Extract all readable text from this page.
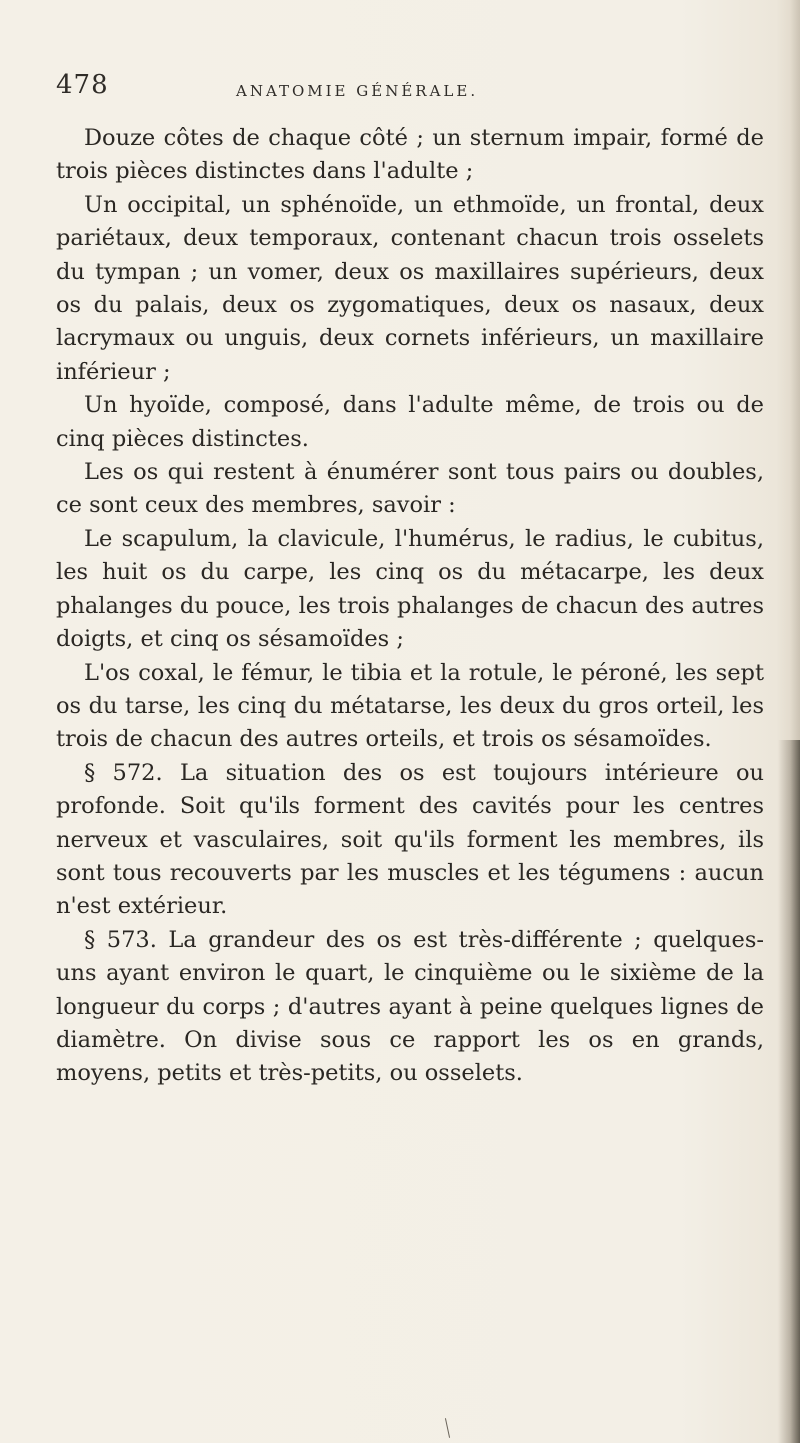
478	ANATOMIE GÉNÉRALE.

Douze côtes de chaque côté ; un sternum impair, formé de trois pièces distinctes dans l'adulte ;

Un occipital, un sphénoïde, un ethmoïde, un frontal, deux pariétaux, deux temporaux, contenant chacun trois osselets du tympan ; un vomer, deux os maxillaires supérieurs, deux os du palais, deux os zygomatiques, deux os nasaux, deux lacrymaux ou unguis, deux cornets inférieurs, un maxillaire inférieur ;

Un hyoïde, composé, dans l'adulte même, de trois ou de cinq pièces distinctes.

Les os qui restent à énumérer sont tous pairs ou doubles, ce sont ceux des membres, savoir :

Le scapulum, la clavicule, l'humérus, le radius, le cubitus, les huit os du carpe, les cinq os du métacarpe, les deux phalanges du pouce, les trois phalanges de chacun des autres doigts, et cinq os sésamoïdes ;

L'os coxal, le fémur, le tibia et la rotule, le péroné, les sept os du tarse, les cinq du métatarse, les deux du gros orteil, les trois de chacun des autres orteils, et trois os sésamoïdes.

§ 572. La situation des os est toujours intérieure ou profonde. Soit qu'ils forment des cavités pour les centres nerveux et vasculaires, soit qu'ils forment les membres, ils sont tous recouverts par les muscles et les tégumens : aucun n'est extérieur.

§ 573. La grandeur des os est très-différente ; quelques-uns ayant environ le quart, le cinquième ou le sixième de la longueur du corps ; d'autres ayant à peine quelques lignes de diamètre. On divise sous ce rapport les os en grands, moyens, petits et très-petits, ou osselets.
